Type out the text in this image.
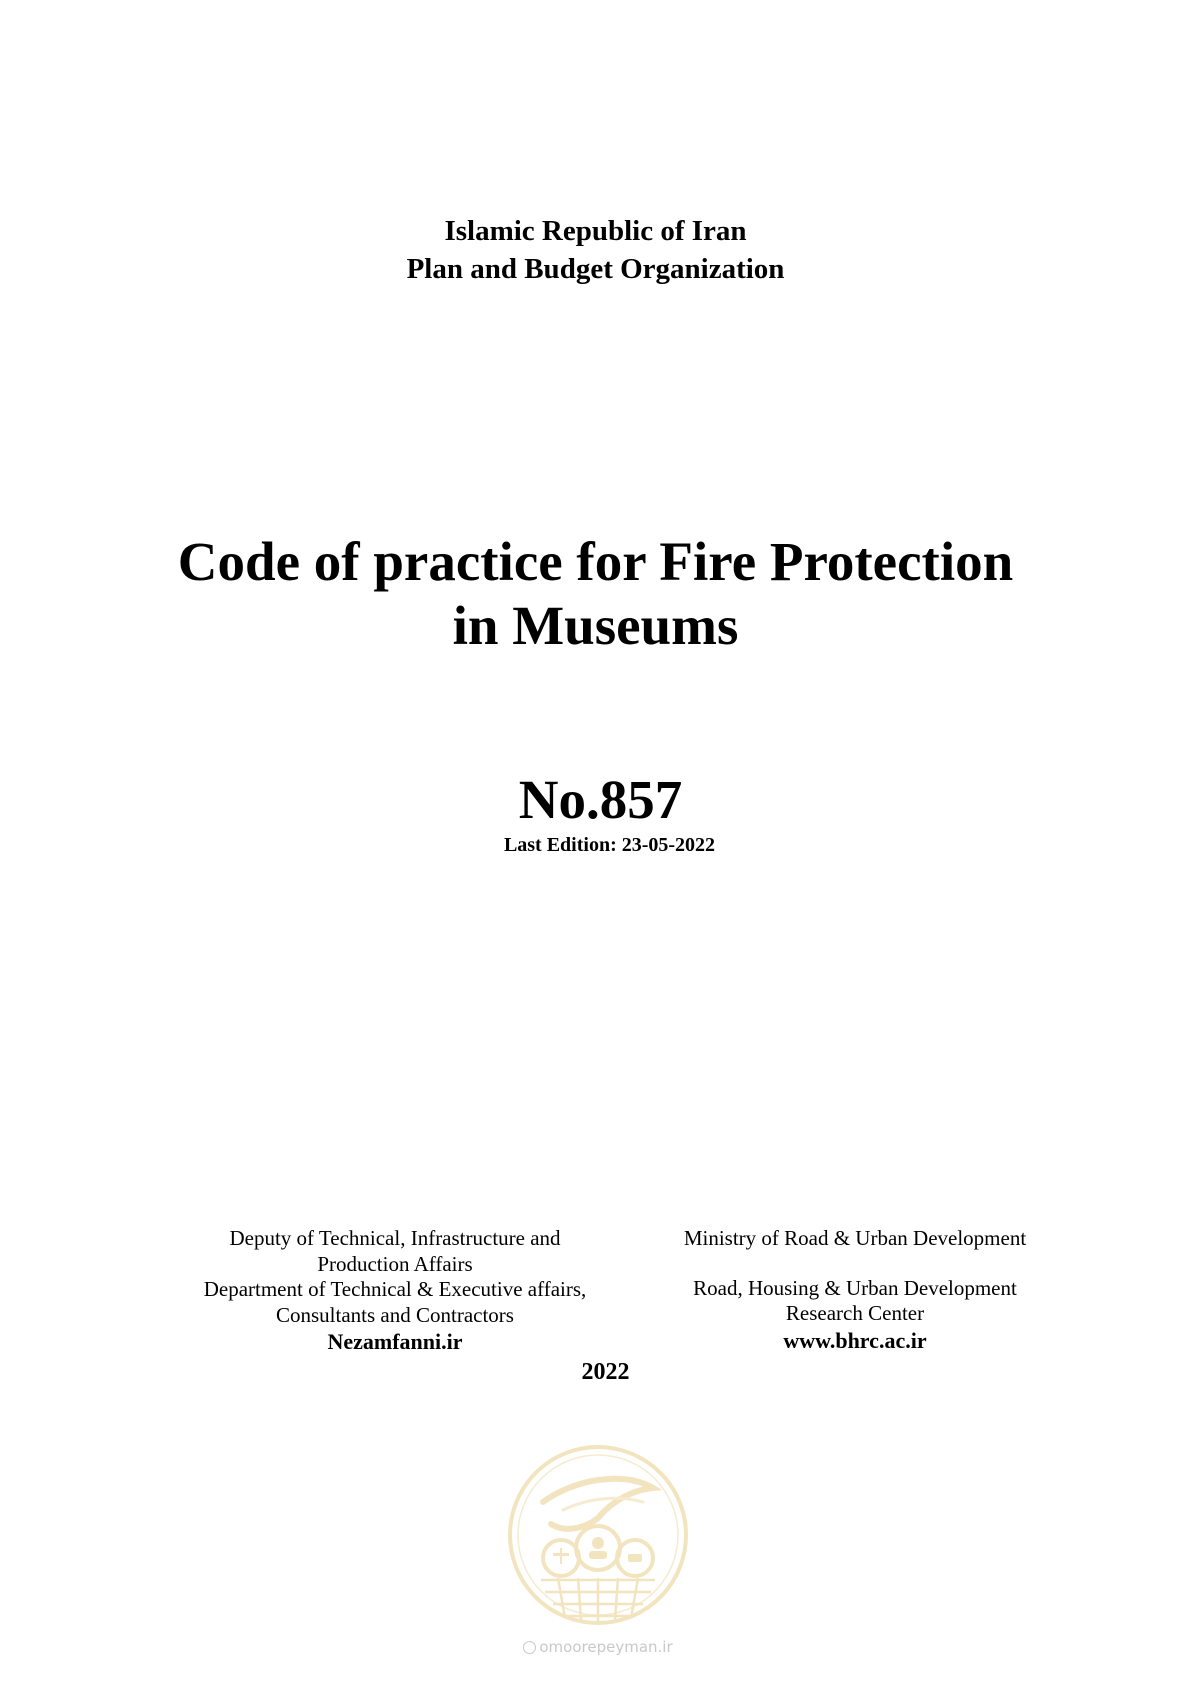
Islamic Republic of Iran
Plan and Budget Organization
Code of practice for Fire Protection
in Museums
No.857
Last Edition: 23-05-2022
Deputy of Technical, Infrastructure and
Production Affairs
Department of Technical & Executive affairs,
Consultants and Contractors
Nezamfanni.ir
Ministry of Road & Urban Development
Road, Housing & Urban Development
Research Center
www.bhrc.ac.ir
2022
omoorepeyman.ir
